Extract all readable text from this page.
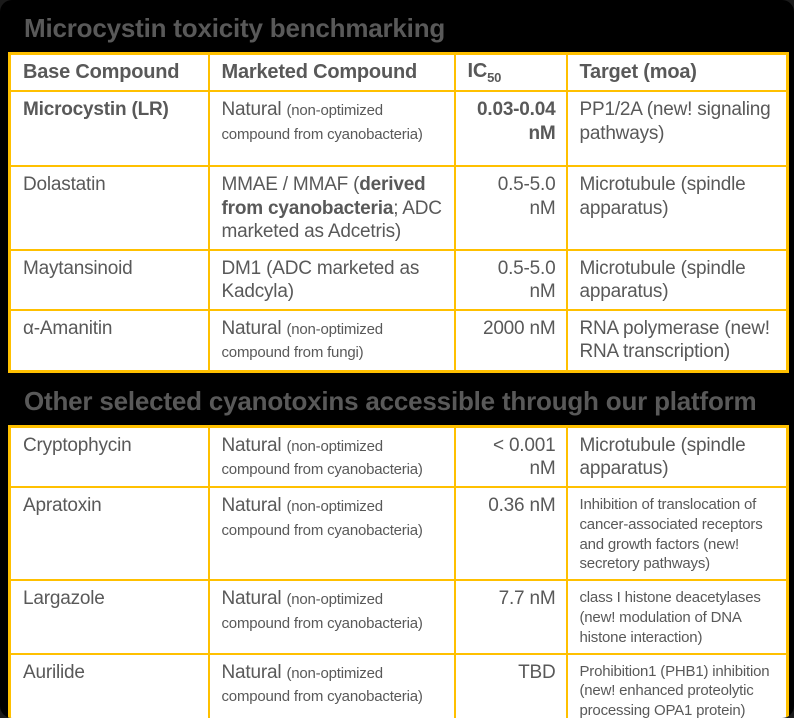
Microcystin toxicity benchmarking
Base Compound	Marketed Compound	$IC_{50}$	Target (moa)
Microcystin (LR)	Natural (non-optimized compound from cyanobacteria)	0.03-0.04 nM	PP1/2A (new! signaling pathways)
Dolastatin	MMAE / MMAF (derived from cyanobacteria; ADC marketed as Adcetris)	0.5-5.0 nM	Microtubule (spindle apparatus)
Maytansinoid	DM1 (ADC marketed as Kadcyla)	0.5-5.0 nM	Microtubule (spindle apparatus)
α-Amanitin	Natural (non-optimized compound from fungi)	2000 nM	RNA polymerase (new! RNA transcription)
Other selected cyanotoxins accessible through our platform
Cryptophycin	Natural (non-optimized compound from cyanobacteria)	< 0.001 nM	Microtubule (spindle apparatus)
Apratoxin	Natural (non-optimized compound from cyanobacteria)	0.36 nM	Inhibition of translocation of cancer-associated receptors and growth factors (new! secretory pathways)
Largazole	Natural (non-optimized compound from cyanobacteria)	7.7 nM	class I histone deacetylases (new! modulation of DNA histone interaction)
Aurilide	Natural (non-optimized compound from cyanobacteria)	TBD	Prohibition1 (PHB1) inhibition (new! enhanced proteolytic processing OPA1 protein)
